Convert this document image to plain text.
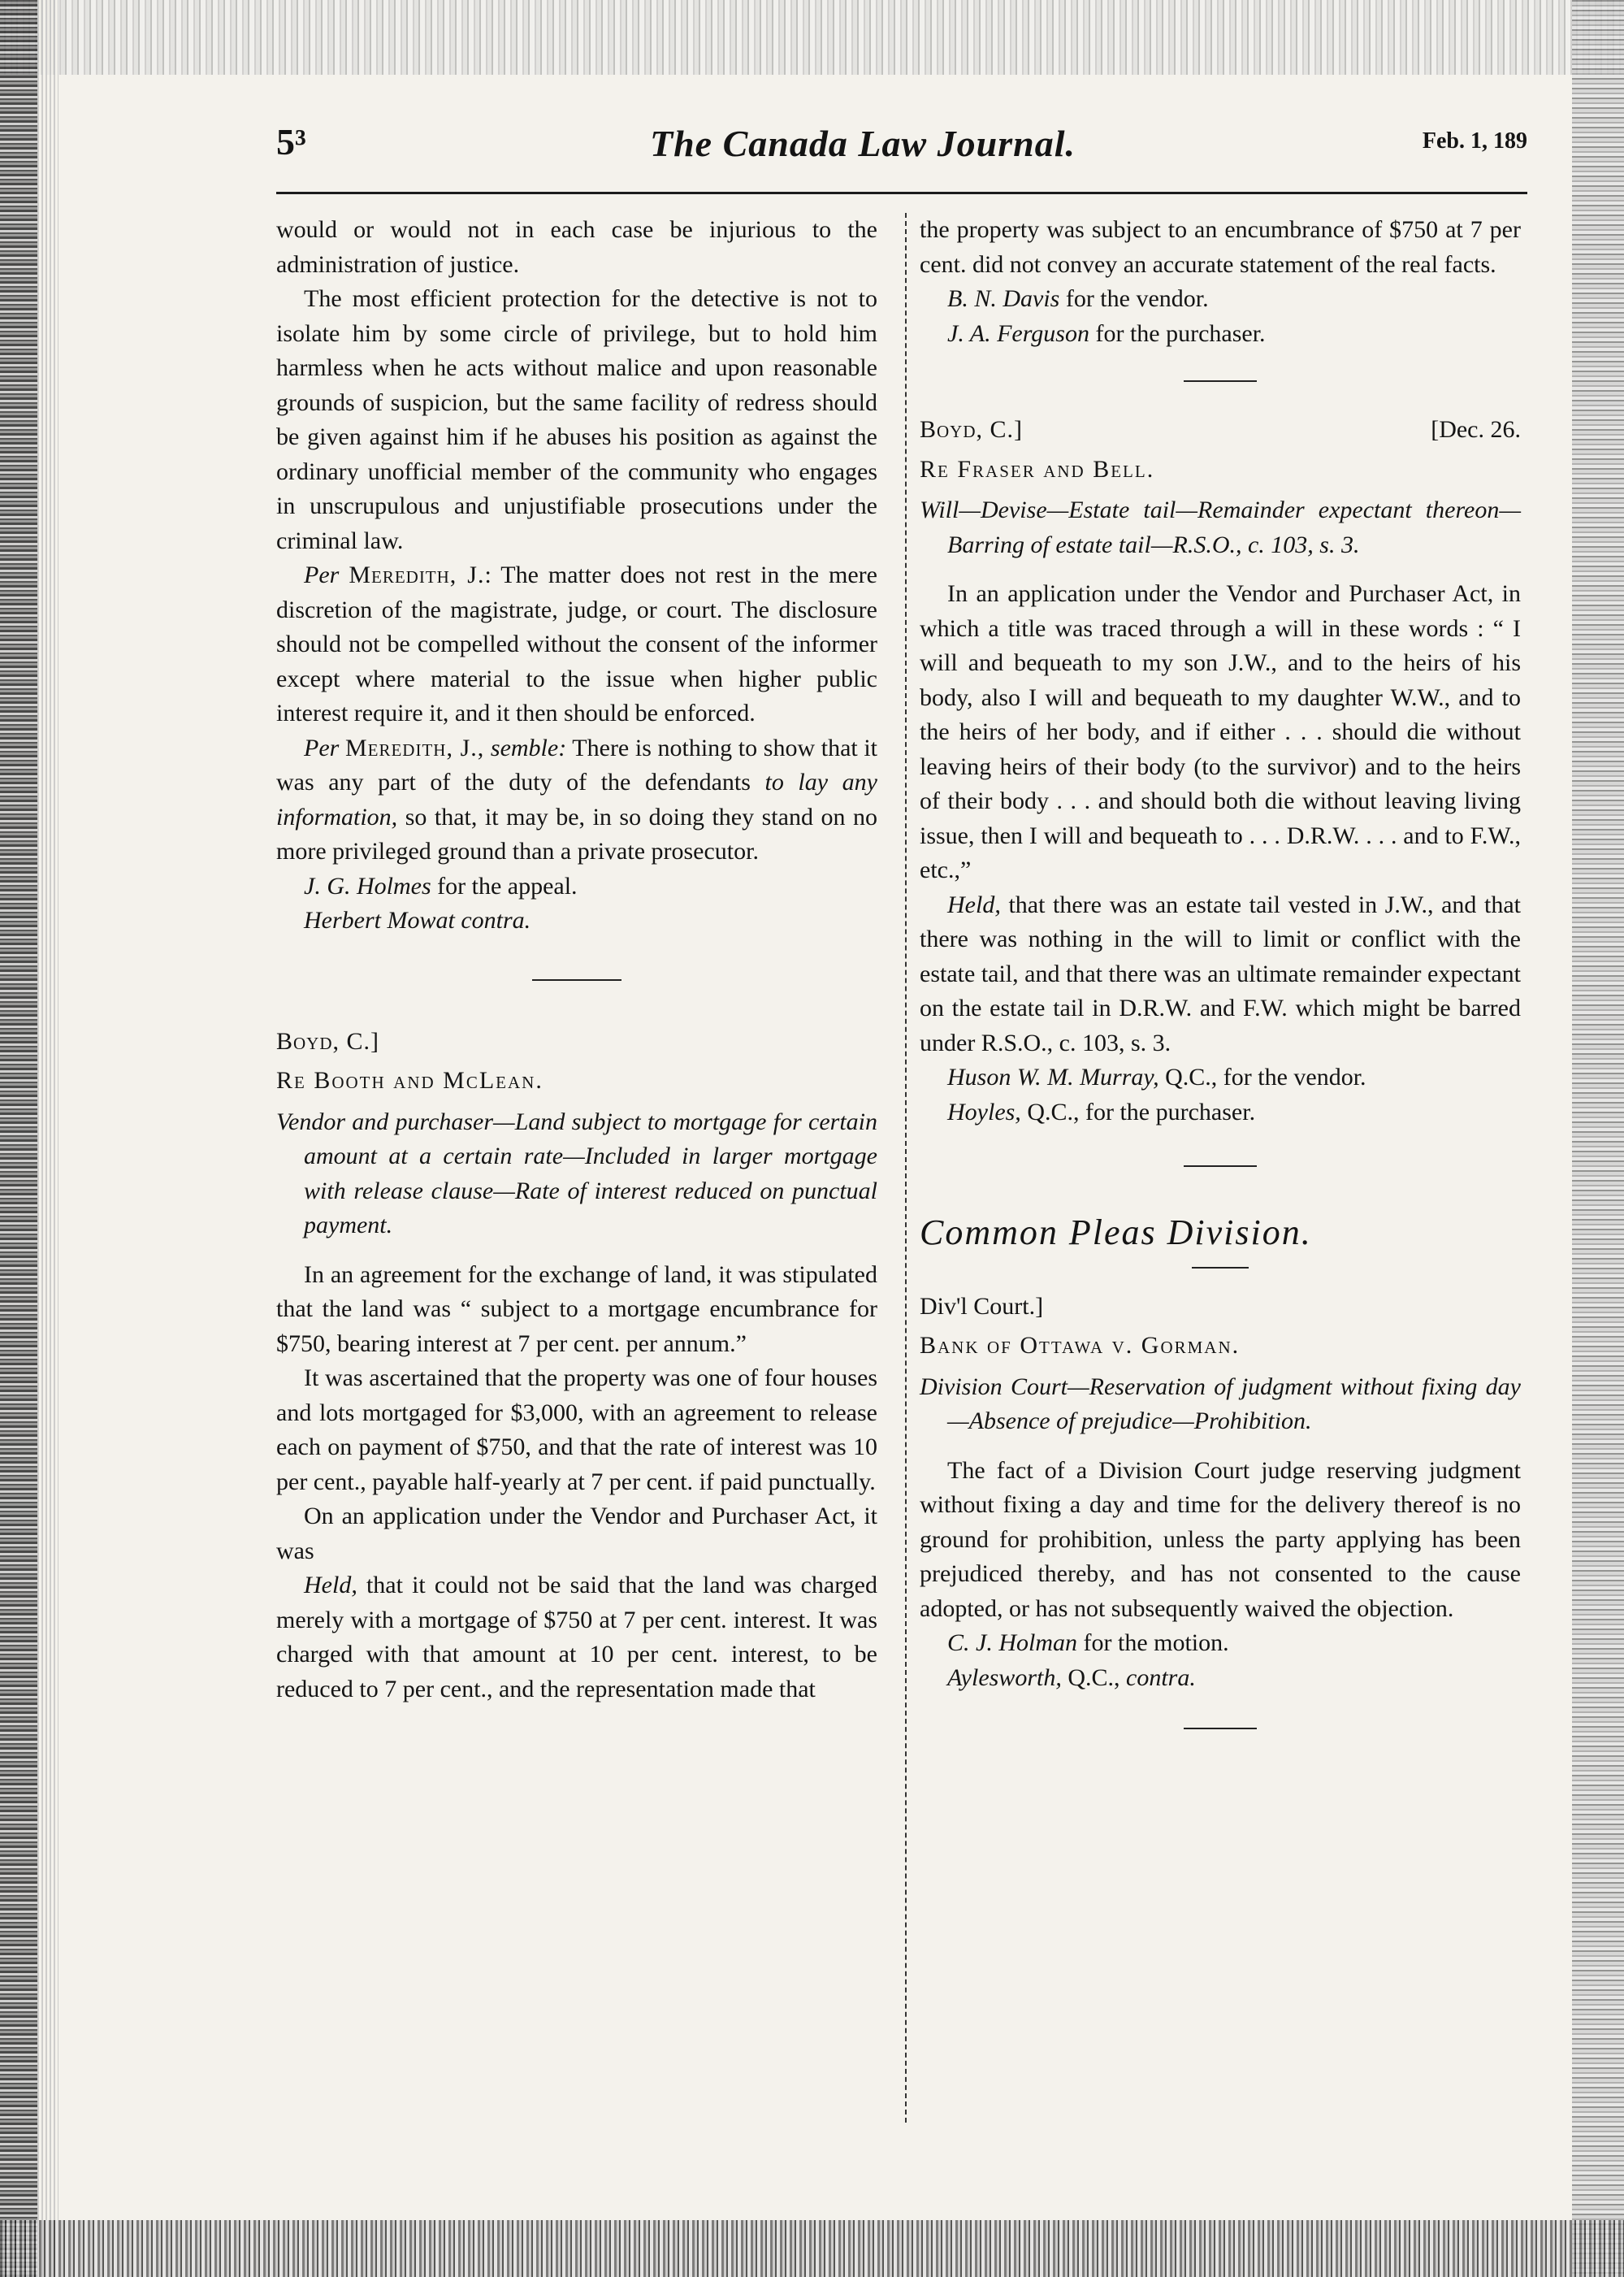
5³	The Canada Law Journal.	Feb. 1, 189

would or would not in each case be injurious to the administration of justice.

The most efficient protection for the detective is not to isolate him by some circle of privilege, but to hold him harmless when he acts without malice and upon reasonable grounds of suspicion, but the same facility of redress should be given against him if he abuses his position as against the ordinary unofficial member of the community who engages in unscrupulous and unjustifiable prosecutions under the criminal law.

Per Meredith, J.: The matter does not rest in the mere discretion of the magistrate, judge, or court. The disclosure should not be compelled without the consent of the informer except where material to the issue when higher public interest require it, and it then should be enforced.

Per Meredith, J., semble: There is nothing to show that it was any part of the duty of the defendants to lay any information, so that, it may be, in so doing they stand on no more privileged ground than a private prosecutor.

J. G. Holmes for the appeal.

Herbert Mowat contra.

Boyd, C.]

Re Booth and McLean.

Vendor and purchaser—Land subject to mortgage for certain amount at a certain rate—Included in larger mortgage with release clause—Rate of interest reduced on punctual payment.

In an agreement for the exchange of land, it was stipulated that the land was “ subject to a mortgage encumbrance for $750, bearing interest at 7 per cent. per annum.”

It was ascertained that the property was one of four houses and lots mortgaged for $3,000, with an agreement to release each on payment of $750, and that the rate of interest was 10 per cent., payable half-yearly at 7 per cent. if paid punctually.

On an application under the Vendor and Purchaser Act, it was

Held, that it could not be said that the land was charged merely with a mortgage of $750 at 7 per cent. interest. It was charged with that amount at 10 per cent. interest, to be reduced to 7 per cent., and the representation made that

the property was subject to an encumbrance of $750 at 7 per cent. did not convey an accurate statement of the real facts.

B. N. Davis for the vendor.

J. A. Ferguson for the purchaser.

Boyd, C.]	[Dec. 26.

Re Fraser and Bell.

Will—Devise—Estate tail—Remainder expectant thereon—Barring of estate tail—R.S.O., c. 103, s. 3.

In an application under the Vendor and Purchaser Act, in which a title was traced through a will in these words : “ I will and bequeath to my son J.W., and to the heirs of his body, also I will and bequeath to my daughter W.W., and to the heirs of her body, and if either . . . should die without leaving heirs of their body (to the survivor) and to the heirs of their body . . . and should both die without leaving living issue, then I will and bequeath to . . . D.R.W. . . . and to F.W., etc.,”

Held, that there was an estate tail vested in J.W., and that there was nothing in the will to limit or conflict with the estate tail, and that there was an ultimate remainder expectant on the estate tail in D.R.W. and F.W. which might be barred under R.S.O., c. 103, s. 3.

Huson W. M. Murray, Q.C., for the vendor.

Hoyles, Q.C., for the purchaser.

Common Pleas Division.

Div'l Court.]

Bank of Ottawa v. Gorman.

Division Court—Reservation of judgment without fixing day—Absence of prejudice—Prohibition.

The fact of a Division Court judge reserving judgment without fixing a day and time for the delivery thereof is no ground for prohibition, unless the party applying has been prejudiced thereby, and has not consented to the cause adopted, or has not subsequently waived the objection.

C. J. Holman for the motion.

Aylesworth, Q.C., contra.
